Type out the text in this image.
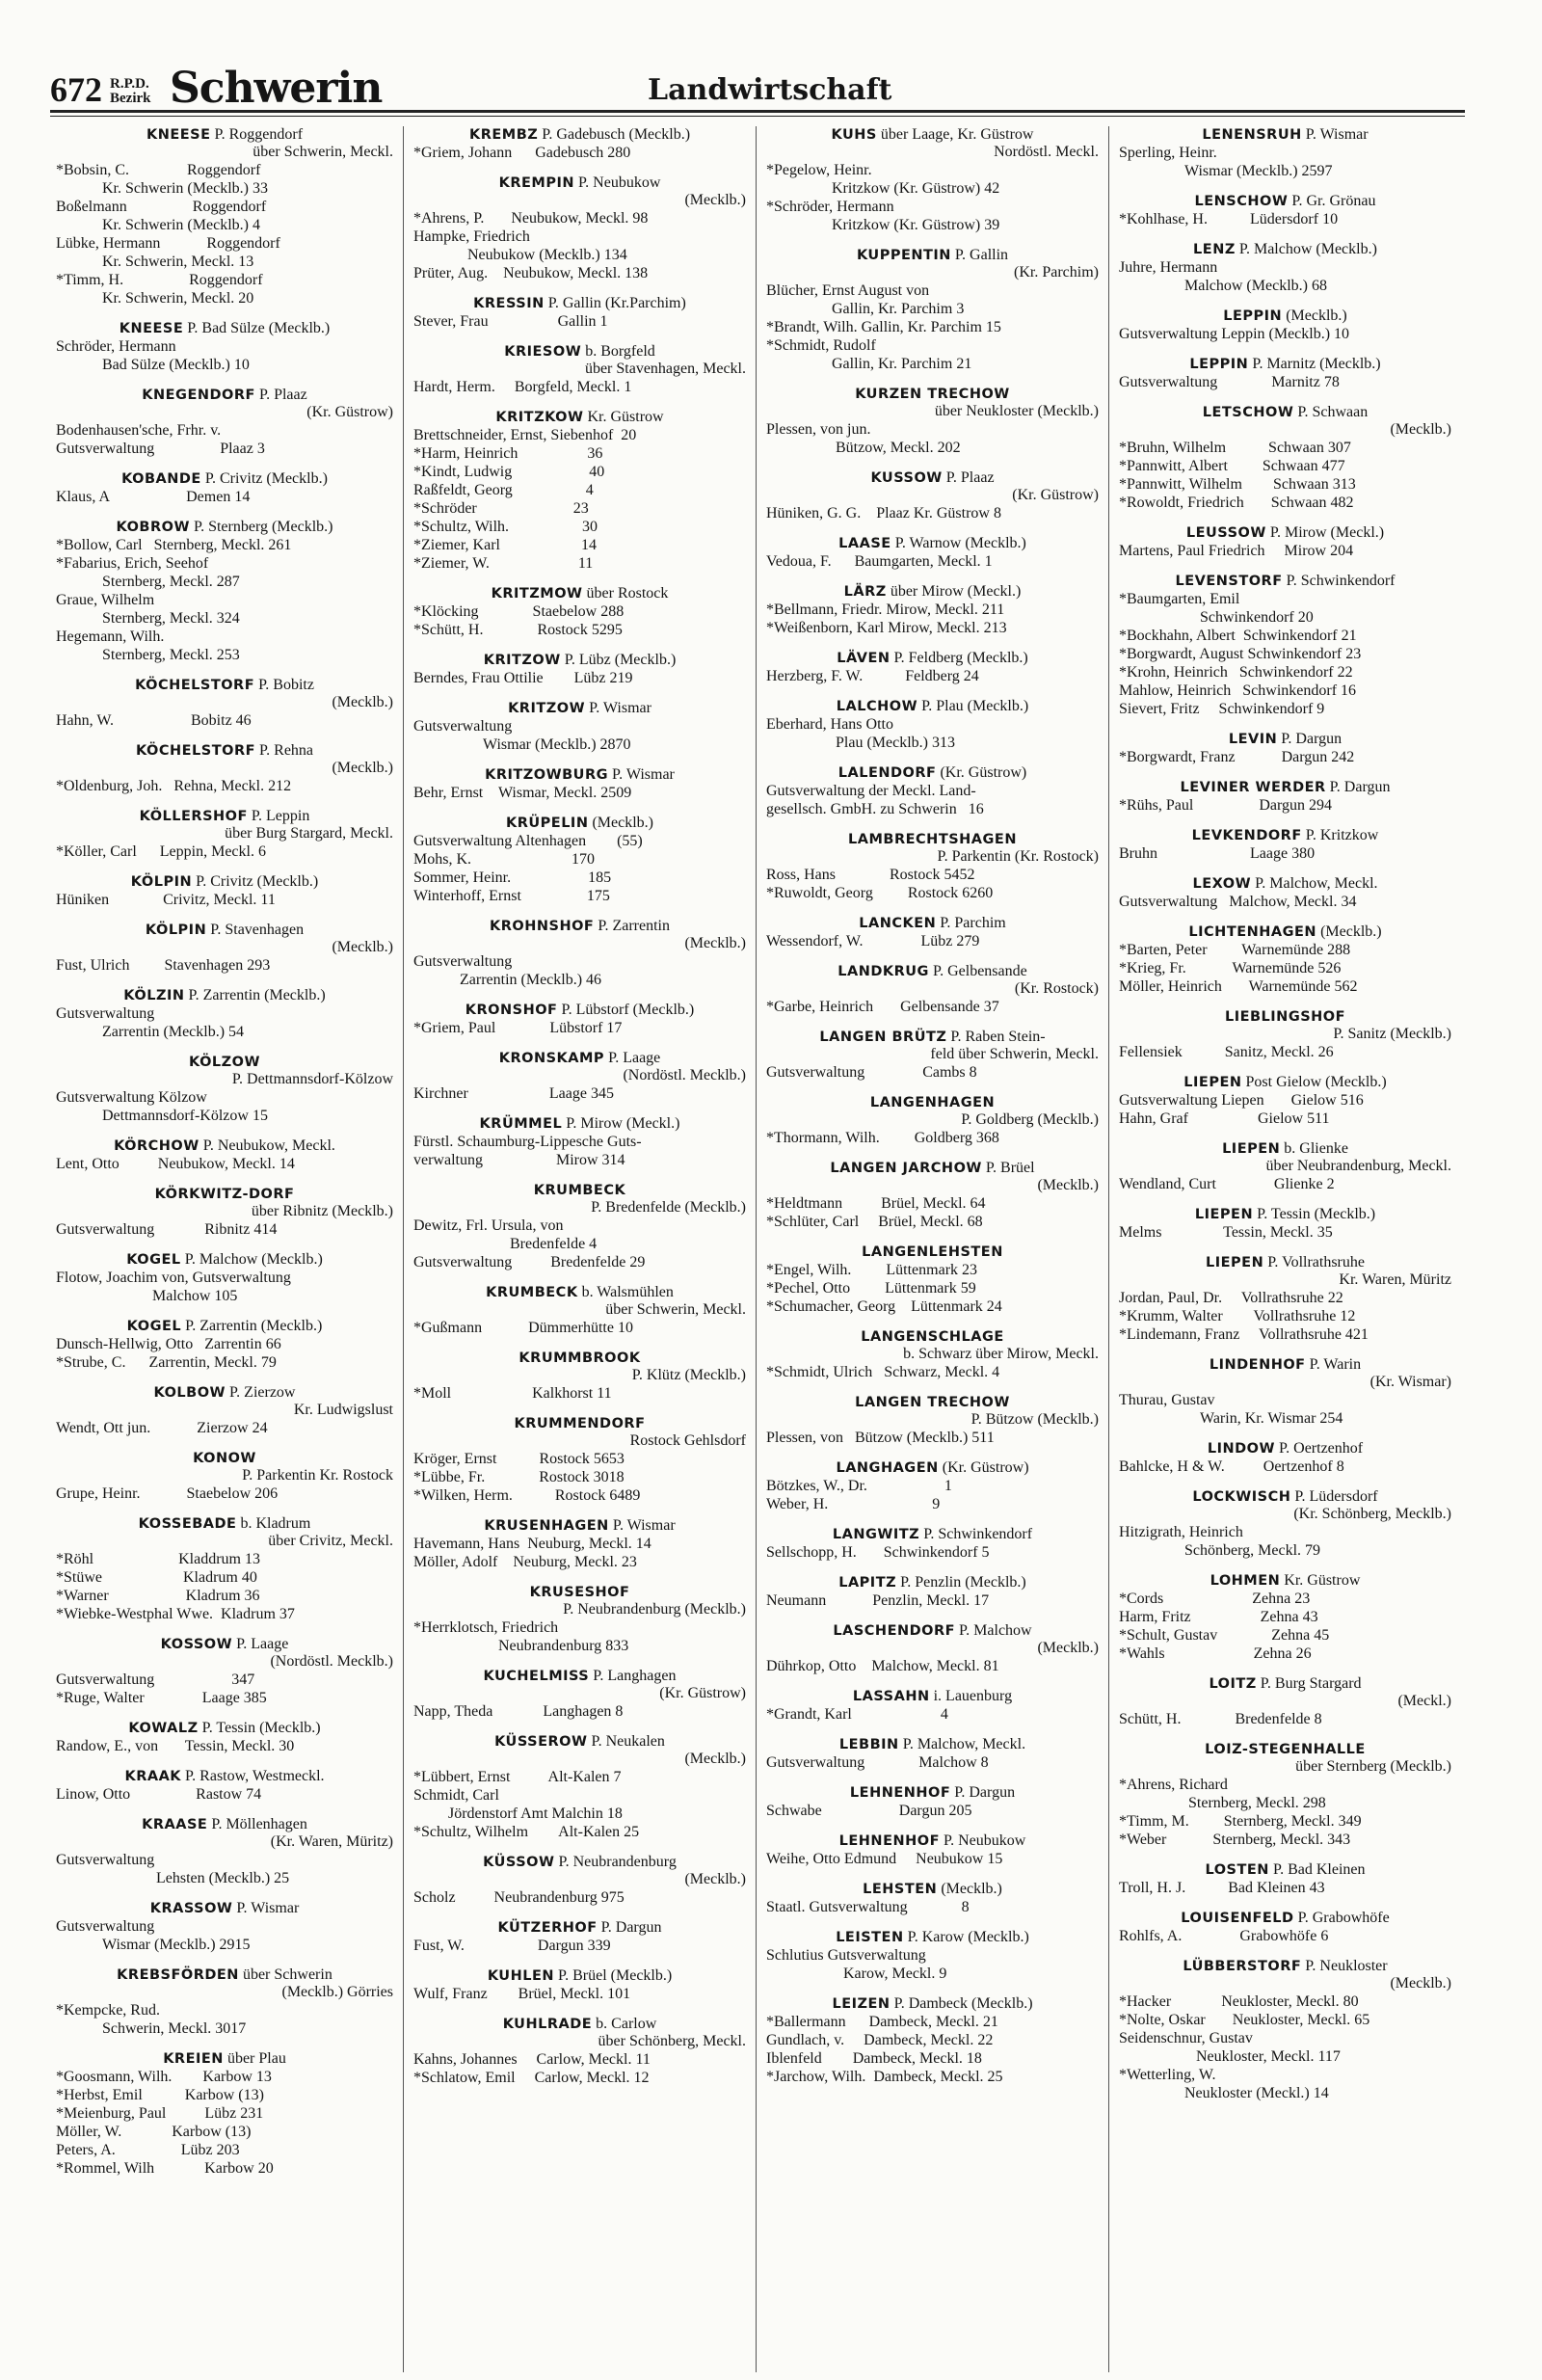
672 R.P.D.
Bezirk Schwerin	Landwirtschaft
KNEESE P. Roggendorf
über Schwerin, Meckl.
*Bobsin, C.               Roggendorf
Kr. Schwerin (Mecklb.) 33
Boßelmann                 Roggendorf
Kr. Schwerin (Mecklb.) 4
Lübke, Hermann            Roggendorf
Kr. Schwerin, Meckl. 13
*Timm, H.                 Roggendorf
Kr. Schwerin, Meckl. 20
KNEESE P. Bad Sülze (Mecklb.)
Schröder, Hermann
Bad Sülze (Mecklb.) 10
KNEGENDORF P. Plaaz
(Kr. Güstrow)
Bodenhausen'sche, Frhr. v.
Gutsverwaltung                 Plaaz 3
KOBANDE P. Crivitz (Mecklb.)
Klaus, A                    Demen 14
KOBROW P. Sternberg (Mecklb.)
*Bollow, Carl   Sternberg, Meckl. 261
*Fabarius, Erich, Seehof
Sternberg, Meckl. 287
Graue, Wilhelm
Sternberg, Meckl. 324
Hegemann, Wilh.
Sternberg, Meckl. 253
KÖCHELSTORF P. Bobitz
(Mecklb.)
Hahn, W.                    Bobitz 46
KÖCHELSTORF P. Rehna
(Mecklb.)
*Oldenburg, Joh.   Rehna, Meckl. 212
KÖLLERSHOF P. Leppin
über Burg Stargard, Meckl.
*Köller, Carl      Leppin, Meckl. 6
KÖLPIN P. Crivitz (Mecklb.)
Hüniken              Crivitz, Meckl. 11
KÖLPIN P. Stavenhagen
(Mecklb.)
Fust, Ulrich         Stavenhagen 293
KÖLZIN P. Zarrentin (Mecklb.)
Gutsverwaltung
Zarrentin (Mecklb.) 54
KÖLZOW
P. Dettmannsdorf-Kölzow
Gutsverwaltung Kölzow
Dettmannsdorf-Kölzow 15
KÖRCHOW P. Neubukow, Meckl.
Lent, Otto          Neubukow, Meckl. 14
KÖRKWITZ-DORF
über Ribnitz (Mecklb.)
Gutsverwaltung             Ribnitz 414
KOGEL P. Malchow (Mecklb.)
Flotow, Joachim von, Gutsverwaltung
Malchow 105
KOGEL P. Zarrentin (Mecklb.)
Dunsch-Hellwig, Otto   Zarrentin 66
*Strube, C.      Zarrentin, Meckl. 79
KOLBOW P. Zierzow
Kr. Ludwigslust
Wendt, Ott jun.            Zierzow 24
KONOW
P. Parkentin Kr. Rostock
Grupe, Heinr.            Staebelow 206
KOSSEBADE b. Kladrum
über Crivitz, Meckl.
*Röhl                      Kladdrum 13
*Stüwe                     Kladrum 40
*Warner                    Kladrum 36
*Wiebke-Westphal Wwe.  Kladrum 37
KOSSOW P. Laage
(Nordöstl. Mecklb.)
Gutsverwaltung                    347
*Ruge, Walter               Laage 385
KOWALZ P. Tessin (Mecklb.)
Randow, E., von       Tessin, Meckl. 30
KRAAK P. Rastow, Westmeckl.
Linow, Otto                 Rastow 74
KRAASE P. Möllenhagen
(Kr. Waren, Müritz)
Gutsverwaltung
Lehsten (Mecklb.) 25
KRASSOW P. Wismar
Gutsverwaltung
Wismar (Mecklb.) 2915
KREBSFÖRDEN über Schwerin
(Mecklb.) Görries
*Kempcke, Rud.
Schwerin, Meckl. 3017
KREIEN über Plau
*Goosmann, Wilh.        Karbow 13
*Herbst, Emil           Karbow (13)
*Meienburg, Paul          Lübz 231
Möller, W.             Karbow (13)
Peters, A.                 Lübz 203
*Rommel, Wilh             Karbow 20
KREMBZ P. Gadebusch (Mecklb.)
*Griem, Johann      Gadebusch 280
KREMPIN P. Neubukow
(Mecklb.)
*Ahrens, P.       Neubukow, Meckl. 98
Hampke, Friedrich
Neubukow (Mecklb.) 134
Prüter, Aug.    Neubukow, Meckl. 138
KRESSIN P. Gallin (Kr.Parchim)
Stever, Frau                  Gallin 1
KRIESOW b. Borgfeld
über Stavenhagen, Meckl.
Hardt, Herm.     Borgfeld, Meckl. 1
KRITZKOW Kr. Güstrow
Brettschneider, Ernst, Siebenhof  20
*Harm, Heinrich                  36
*Kindt, Ludwig                    40
Raßfeldt, Georg                   4
*Schröder                         23
*Schultz, Wilh.                   30
*Ziemer, Karl                     14
*Ziemer, W.                       11
KRITZMOW über Rostock
*Klöcking              Staebelow 288
*Schütt, H.              Rostock 5295
KRITZOW P. Lübz (Mecklb.)
Berndes, Frau Ottilie        Lübz 219
KRITZOW P. Wismar
Gutsverwaltung
Wismar (Mecklb.) 2870
KRITZOWBURG P. Wismar
Behr, Ernst    Wismar, Meckl. 2509
KRÜPELIN (Mecklb.)
Gutsverwaltung Altenhagen        (55)
Mohs, K.                          170
Sommer, Heinr.                    185
Winterhoff, Ernst                 175
KROHNSHOF P. Zarrentin
(Mecklb.)
Gutsverwaltung
Zarrentin (Mecklb.) 46
KRONSHOF P. Lübstorf (Mecklb.)
*Griem, Paul              Lübstorf 17
KRONSKAMP P. Laage
(Nordöstl. Mecklb.)
Kirchner                     Laage 345
KRÜMMEL P. Mirow (Meckl.)
Fürstl. Schaumburg-Lippesche Guts-
verwaltung                   Mirow 314
KRUMBECK
P. Bredenfelde (Mecklb.)
Dewitz, Frl. Ursula, von
Bredenfelde 4
Gutsverwaltung          Bredenfelde 29
KRUMBECK b. Walsmühlen
über Schwerin, Meckl.
*Gußmann            Dümmerhütte 10
KRUMMBROOK
P. Klütz (Mecklb.)
*Moll                     Kalkhorst 11
KRUMMENDORF
Rostock Gehlsdorf
Kröger, Ernst           Rostock 5653
*Lübbe, Fr.              Rostock 3018
*Wilken, Herm.           Rostock 6489
KRUSENHAGEN P. Wismar
Havemann, Hans  Neuburg, Meckl. 14
Möller, Adolf    Neuburg, Meckl. 23
KRUSESHOF
P. Neubrandenburg (Mecklb.)
*Herrklotsch, Friedrich
Neubrandenburg 833
KUCHELMISS P. Langhagen
(Kr. Güstrow)
Napp, Theda             Langhagen 8
KÜSSEROW P. Neukalen
(Mecklb.)
*Lübbert, Ernst          Alt-Kalen 7
Schmidt, Carl
Jördenstorf Amt Malchin 18
*Schultz, Wilhelm        Alt-Kalen 25
KÜSSOW P. Neubrandenburg
(Mecklb.)
Scholz          Neubrandenburg 975
KÜTZERHOF P. Dargun
Fust, W.                   Dargun 339
KUHLEN P. Brüel (Mecklb.)
Wulf, Franz        Brüel, Meckl. 101
KUHLRADE b. Carlow
über Schönberg, Meckl.
Kahns, Johannes     Carlow, Meckl. 11
*Schlatow, Emil     Carlow, Meckl. 12
KUHS über Laage, Kr. Güstrow
Nordöstl. Meckl.
*Pegelow, Heinr.
Kritzkow (Kr. Güstrow) 42
*Schröder, Hermann
Kritzkow (Kr. Güstrow) 39
KUPPENTIN P. Gallin
(Kr. Parchim)
Blücher, Ernst August von
Gallin, Kr. Parchim 3
*Brandt, Wilh. Gallin, Kr. Parchim 15
*Schmidt, Rudolf
Gallin, Kr. Parchim 21
KURZEN TRECHOW
über Neukloster (Mecklb.)
Plessen, von jun.
Bützow, Meckl. 202
KUSSOW P. Plaaz
(Kr. Güstrow)
Hüniken, G. G.    Plaaz Kr. Güstrow 8
LAASE P. Warnow (Mecklb.)
Vedoua, F.      Baumgarten, Meckl. 1
LÄRZ über Mirow (Meckl.)
*Bellmann, Friedr. Mirow, Meckl. 211
*Weißenborn, Karl Mirow, Meckl. 213
LÄVEN P. Feldberg (Mecklb.)
Herzberg, F. W.           Feldberg 24
LALCHOW P. Plau (Mecklb.)
Eberhard, Hans Otto
Plau (Mecklb.) 313
LALENDORF (Kr. Güstrow)
Gutsverwaltung der Meckl. Land-
gesellsch. GmbH. zu Schwerin   16
LAMBRECHTSHAGEN
P. Parkentin (Kr. Rostock)
Ross, Hans              Rostock 5452
*Ruwoldt, Georg         Rostock 6260
LANCKEN P. Parchim
Wessendorf, W.               Lübz 279
LANDKRUG P. Gelbensande
(Kr. Rostock)
*Garbe, Heinrich       Gelbensande 37
LANGEN BRÜTZ P. Raben Stein-
feld über Schwerin, Meckl.
Gutsverwaltung               Cambs 8
LANGENHAGEN
P. Goldberg (Mecklb.)
*Thormann, Wilh.         Goldberg 368
LANGEN JARCHOW P. Brüel
(Mecklb.)
*Heldtmann          Brüel, Meckl. 64
*Schlüter, Carl     Brüel, Meckl. 68
LANGENLEHSTEN
*Engel, Wilh.         Lüttenmark 23
*Pechel, Otto         Lüttenmark 59
*Schumacher, Georg    Lüttenmark 24
LANGENSCHLAGE
b. Schwarz über Mirow, Meckl.
*Schmidt, Ulrich   Schwarz, Meckl. 4
LANGEN TRECHOW
P. Bützow (Mecklb.)
Plessen, von   Bützow (Mecklb.) 511
LANGHAGEN (Kr. Güstrow)
Bötzkes, W., Dr.                    1
Weber, H.                           9
LANGWITZ P. Schwinkendorf
Sellschopp, H.       Schwinkendorf 5
LAPITZ P. Penzlin (Mecklb.)
Neumann            Penzlin, Meckl. 17
LASCHENDORF P. Malchow
(Mecklb.)
Dührkop, Otto    Malchow, Meckl. 81
LASSAHN i. Lauenburg
*Grandt, Karl                       4
LEBBIN P. Malchow, Meckl.
Gutsverwaltung              Malchow 8
LEHNENHOF P. Dargun
Schwabe                    Dargun 205
LEHNENHOF P. Neubukow
Weihe, Otto Edmund     Neubukow 15
LEHSTEN (Mecklb.)
Staatl. Gutsverwaltung              8
LEISTEN P. Karow (Mecklb.)
Schlutius Gutsverwaltung
Karow, Meckl. 9
LEIZEN P. Dambeck (Mecklb.)
*Ballermann      Dambeck, Meckl. 21
Gundlach, v.     Dambeck, Meckl. 22
Iblenfeld        Dambeck, Meckl. 18
*Jarchow, Wilh.  Dambeck, Meckl. 25
LENENSRUH P. Wismar
Sperling, Heinr.
Wismar (Mecklb.) 2597
LENSCHOW P. Gr. Grönau
*Kohlhase, H.           Lüdersdorf 10
LENZ P. Malchow (Mecklb.)
Juhre, Hermann
Malchow (Mecklb.) 68
LEPPIN (Mecklb.)
Gutsverwaltung Leppin (Mecklb.) 10
LEPPIN P. Marnitz (Mecklb.)
Gutsverwaltung              Marnitz 78
LETSCHOW P. Schwaan
(Mecklb.)
*Bruhn, Wilhelm           Schwaan 307
*Pannwitt, Albert         Schwaan 477
*Pannwitt, Wilhelm        Schwaan 313
*Rowoldt, Friedrich       Schwaan 482
LEUSSOW P. Mirow (Meckl.)
Martens, Paul Friedrich     Mirow 204
LEVENSTORF P. Schwinkendorf
*Baumgarten, Emil
Schwinkendorf 20
*Bockhahn, Albert  Schwinkendorf 21
*Borgwardt, August Schwinkendorf 23
*Krohn, Heinrich   Schwinkendorf 22
Mahlow, Heinrich   Schwinkendorf 16
Sievert, Fritz     Schwinkendorf 9
LEVIN P. Dargun
*Borgwardt, Franz            Dargun 242
LEVINER WERDER P. Dargun
*Rühs, Paul                 Dargun 294
LEVKENDORF P. Kritzkow
Bruhn                        Laage 380
LEXOW P. Malchow, Meckl.
Gutsverwaltung   Malchow, Meckl. 34
LICHTENHAGEN (Mecklb.)
*Barten, Peter         Warnemünde 288
*Krieg, Fr.            Warnemünde 526
Möller, Heinrich       Warnemünde 562
LIEBLINGSHOF
P. Sanitz (Mecklb.)
Fellensiek           Sanitz, Meckl. 26
LIEPEN Post Gielow (Mecklb.)
Gutsverwaltung Liepen       Gielow 516
Hahn, Graf                  Gielow 511
LIEPEN b. Glienke
über Neubrandenburg, Meckl.
Wendland, Curt               Glienke 2
LIEPEN P. Tessin (Mecklb.)
Melms                Tessin, Meckl. 35
LIEPEN P. Vollrathsruhe
Kr. Waren, Müritz
Jordan, Paul, Dr.     Vollrathsruhe 22
*Krumm, Walter        Vollrathsruhe 12
*Lindemann, Franz     Vollrathsruhe 421
LINDENHOF P. Warin
(Kr. Wismar)
Thurau, Gustav
Warin, Kr. Wismar 254
LINDOW P. Oertzenhof
Bahlcke, H & W.          Oertzenhof 8
LOCKWISCH P. Lüdersdorf
(Kr. Schönberg, Mecklb.)
Hitzigrath, Heinrich
Schönberg, Meckl. 79
LOHMEN Kr. Güstrow
*Cords                       Zehna 23
Harm, Fritz                  Zehna 43
*Schult, Gustav              Zehna 45
*Wahls                       Zehna 26
LOITZ P. Burg Stargard
(Meckl.)
Schütt, H.              Bredenfelde 8
LOIZ-STEGENHALLE
über Sternberg (Mecklb.)
*Ahrens, Richard
Sternberg, Meckl. 298
*Timm, M.         Sternberg, Meckl. 349
*Weber            Sternberg, Meckl. 343
LOSTEN P. Bad Kleinen
Troll, H. J.           Bad Kleinen 43
LOUISENFELD P. Grabowhöfe
Rohlfs, A.               Grabowhöfe 6
LÜBBERSTORF P. Neukloster
(Mecklb.)
*Hacker             Neukloster, Meckl. 80
*Nolte, Oskar       Neukloster, Meckl. 65
Seidenschnur, Gustav
Neukloster, Meckl. 117
*Wetterling, W.
Neukloster (Meckl.) 14
